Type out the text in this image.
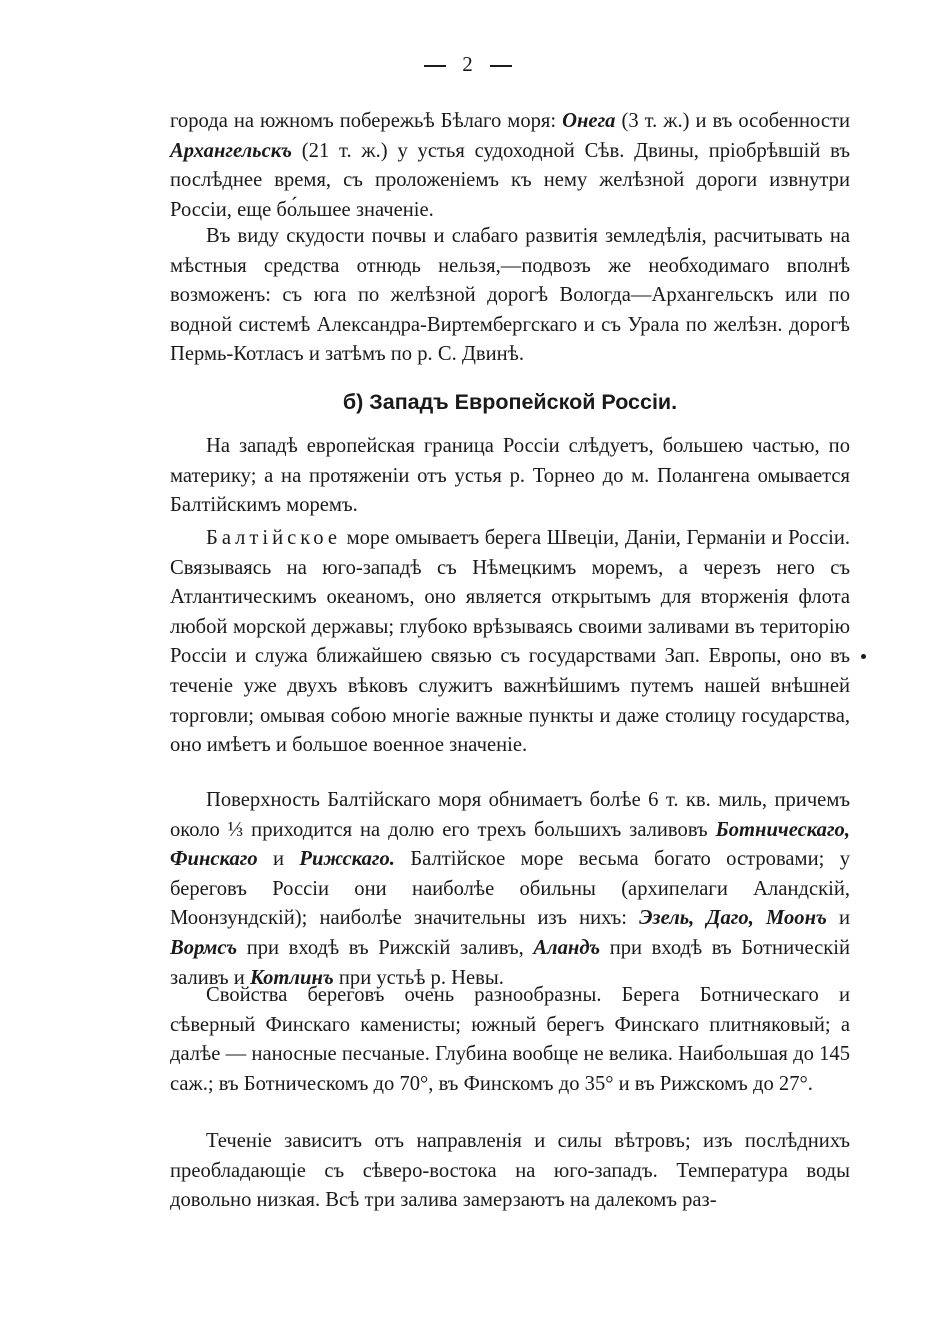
2
города на южномъ побережьѣ Бѣлаго моря: Онега (3 т. ж.) и въ особенности Архангельскъ (21 т. ж.) у устья судоходной Сѣв. Двины, пріобрѣвшій въ послѣднее время, съ проложеніемъ къ нему желѣзной дороги извнутри Россіи, еще бо́льшее значеніе.
Въ виду скудости почвы и слабаго развитія земледѣлія, расчитывать на мѣстныя средства отнюдь нельзя,—подвозъ же необходимаго вполнѣ возможенъ: съ юга по желѣзной дорогѣ Вологда—Архангельскъ или по водной системѣ Александра-Виртембергскаго и съ Урала по желѣзн. дорогѣ Пермь-Котласъ и затѣмъ по р. С. Двинѣ.
б) Западъ Европейской Россіи.
На западѣ европейская граница Россіи слѣдуетъ, большею частью, по материку; а на протяженіи отъ устья р. Торнео до м. Полангена омывается Балтійскимъ моремъ.
Балтійское море омываетъ берега Швеціи, Даніи, Германіи и Россіи. Связываясь на юго-западѣ съ Нѣмецкимъ моремъ, а черезъ него съ Атлантическимъ океаномъ, оно является открытымъ для вторженія флота любой морской державы; глубоко врѣзываясь своими заливами въ територію Россіи и служа ближайшею связью съ государствами Зап. Европы, оно въ теченіе уже двухъ вѣковъ служитъ важнѣйшимъ путемъ нашей внѣшней торговли; омывая собою многіе важные пункты и даже столицу государства, оно имѣетъ и большое военное значеніе.
Поверхность Балтійскаго моря обнимаетъ болѣе 6 т. кв. миль, причемъ около ⅓ приходится на долю его трехъ большихъ заливовъ Ботническаго, Финскаго и Рижскаго. Балтійское море весьма богато островами; у береговъ Россіи они наиболѣе обильны (архипелаги Аландскій, Моонзундскій); наиболѣе значительны изъ нихъ: Эзель, Даго, Моонъ и Вормсъ при входѣ въ Рижскій заливъ, Аландъ при входѣ въ Ботническій заливъ и Котлинъ при устьѣ р. Невы.
Свойства береговъ очень разнообразны. Берега Ботническаго и сѣверный Финскаго каменисты; южный берегъ Финскаго плитняковый; а далѣе — наносные песчаные. Глубина вообще не велика. Наибольшая до 145 саж.; въ Ботническомъ до 70°, въ Финскомъ до 35° и въ Рижскомъ до 27°.
Теченіе зависитъ отъ направленія и силы вѣтровъ; изъ послѣднихъ преобладающіе съ сѣверо-востока на юго-западъ. Температура воды довольно низкая. Всѣ три залива замерзаютъ на далекомъ раз-
